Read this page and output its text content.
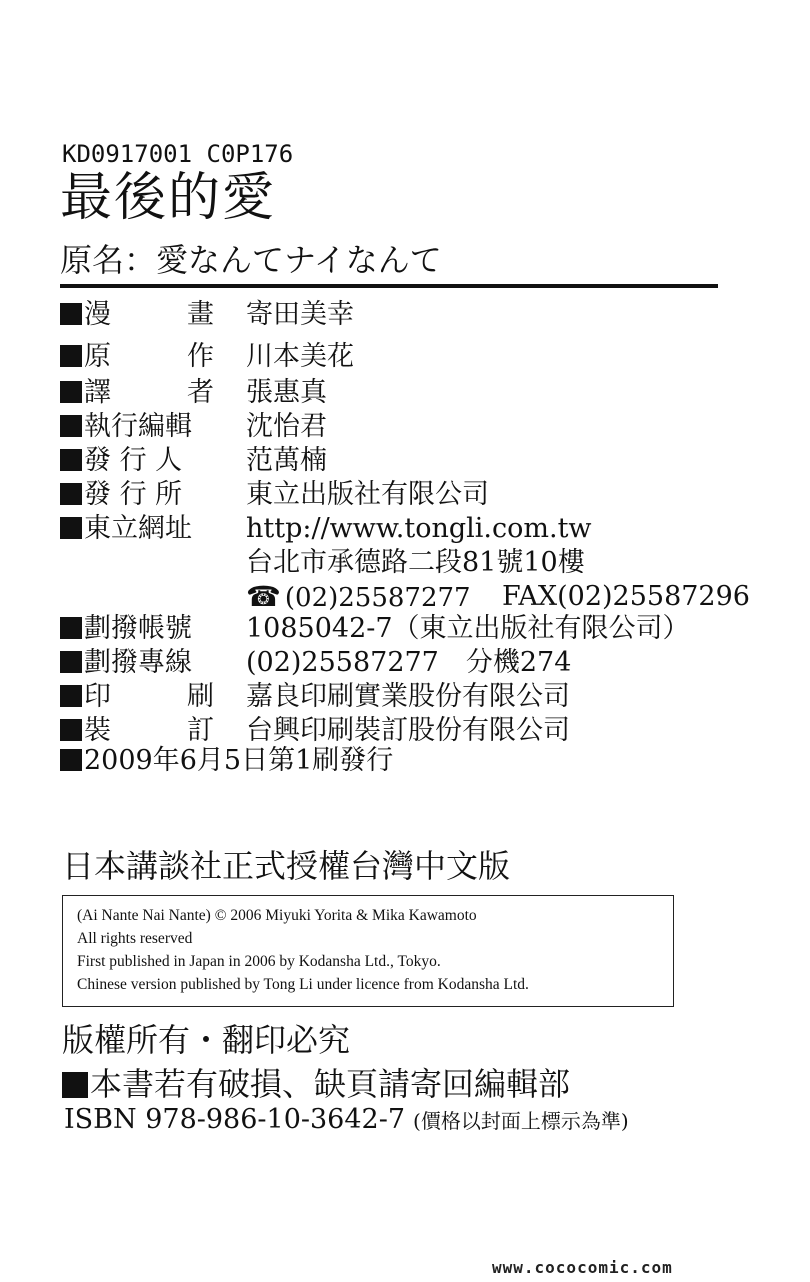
KD0917001 C0P176
最後的愛
原名：愛なんてナイなんて
漫	畫 寄田美幸
原	作 川本美花
譯	者 張惠真
執行編輯	沈怡君
發 行 人	范萬楠
發 行 所	東立出版社有限公司
東立網址	http://www.tongli.com.tw
台北市承德路二段81號10樓
☎ (02)25587277 FAX(02)25587296
劃撥帳號	1085042-7（東立出版社有限公司）
劃撥專線	(02)25587277　分機274
印	刷 嘉良印刷實業股份有限公司
裝	訂 台興印刷裝訂股份有限公司
2009年6月5日第1刷發行
日本講談社正式授權台灣中文版
(Ai Nante Nai Nante) © 2006 Miyuki Yorita & Mika Kawamoto
All rights reserved
First published in Japan in 2006 by Kodansha Ltd., Tokyo.
Chinese version published by Tong Li under licence from Kodansha Ltd.
版權所有・翻印必究
本書若有破損、缺頁請寄回編輯部
ISBN 978-986-10-3642-7 (價格以封面上標示為準)
www.cococomic.com
